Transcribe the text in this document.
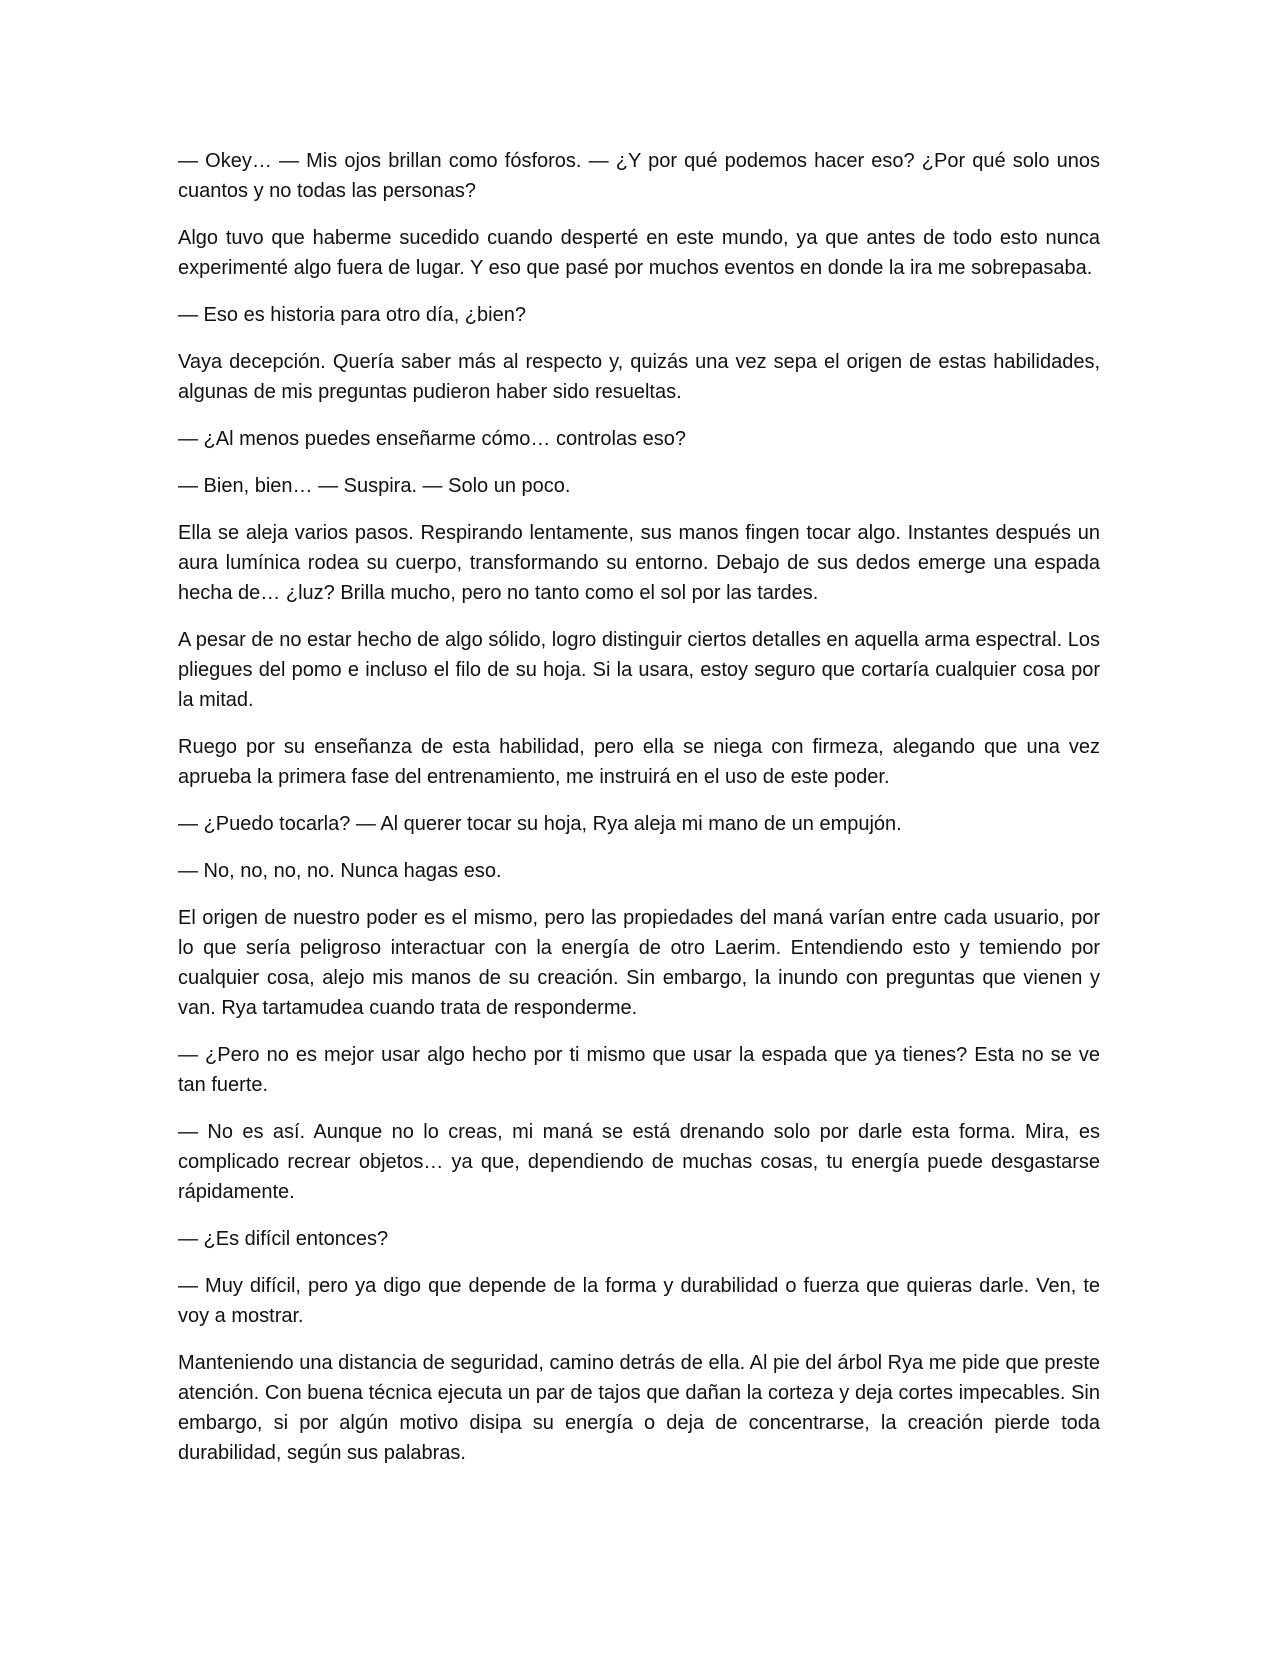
— Okey… — Mis ojos brillan como fósforos. — ¿Y por qué podemos hacer eso? ¿Por qué solo unos cuantos y no todas las personas?

Algo tuvo que haberme sucedido cuando desperté en este mundo, ya que antes de todo esto nunca experimenté algo fuera de lugar. Y eso que pasé por muchos eventos en donde la ira me sobrepasaba.

— Eso es historia para otro día, ¿bien?

Vaya decepción. Quería saber más al respecto y, quizás una vez sepa el origen de estas habilidades, algunas de mis preguntas pudieron haber sido resueltas.

— ¿Al menos puedes enseñarme cómo… controlas eso?

— Bien, bien… — Suspira. — Solo un poco.

Ella se aleja varios pasos. Respirando lentamente, sus manos fingen tocar algo. Instantes después un aura lumínica rodea su cuerpo, transformando su entorno. Debajo de sus dedos emerge una espada hecha de… ¿luz? Brilla mucho, pero no tanto como el sol por las tardes.

A pesar de no estar hecho de algo sólido, logro distinguir ciertos detalles en aquella arma espectral. Los pliegues del pomo e incluso el filo de su hoja. Si la usara, estoy seguro que cortaría cualquier cosa por la mitad.

Ruego por su enseñanza de esta habilidad, pero ella se niega con firmeza, alegando que una vez aprueba la primera fase del entrenamiento, me instruirá en el uso de este poder.

— ¿Puedo tocarla? — Al querer tocar su hoja, Rya aleja mi mano de un empujón.

— No, no, no, no. Nunca hagas eso.

El origen de nuestro poder es el mismo, pero las propiedades del maná varían entre cada usuario, por lo que sería peligroso interactuar con la energía de otro Laerim. Entendiendo esto y temiendo por cualquier cosa, alejo mis manos de su creación. Sin embargo, la inundo con preguntas que vienen y van. Rya tartamudea cuando trata de responderme.

— ¿Pero no es mejor usar algo hecho por ti mismo que usar la espada que ya tienes? Esta no se ve tan fuerte.

— No es así. Aunque no lo creas, mi maná se está drenando solo por darle esta forma. Mira, es complicado recrear objetos… ya que, dependiendo de muchas cosas, tu energía puede desgastarse rápidamente.

— ¿Es difícil entonces?

— Muy difícil, pero ya digo que depende de la forma y durabilidad o fuerza que quieras darle. Ven, te voy a mostrar.

Manteniendo una distancia de seguridad, camino detrás de ella. Al pie del árbol Rya me pide que preste atención. Con buena técnica ejecuta un par de tajos que dañan la corteza y deja cortes impecables. Sin embargo, si por algún motivo disipa su energía o deja de concentrarse, la creación pierde toda durabilidad, según sus palabras.
